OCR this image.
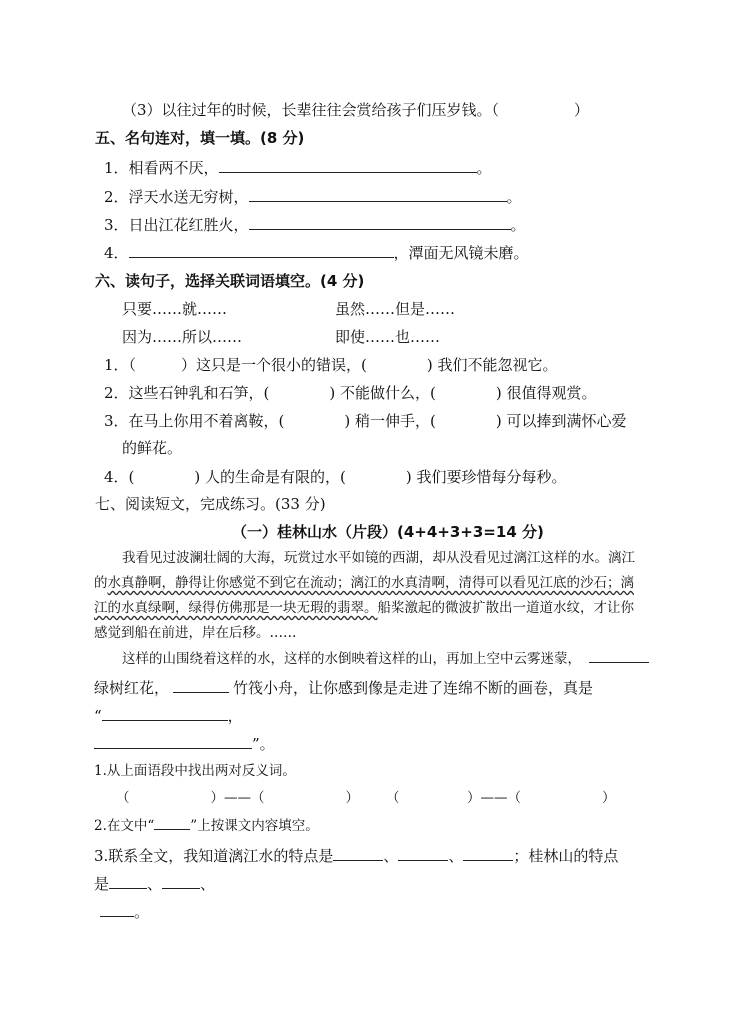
（3）以往过年的时候，长辈往往会赏给孩子们压岁钱。（　　　　　）
五、名句连对，填一填。(8 分)
1．相看两不厌，	。
2．浮天水送无穷树，	。
3．日出江花红胜火，	。
4．	，潭面无风镜未磨。
六、读句子，选择关联词语填空。(4 分)
只要……就……	虽然……但是……
因为……所以……	即使……也……
1．（　　　）这只是一个很小的错误，(　　　　) 我们不能忽视它。
2．这些石钟乳和石笋，(　　　　) 不能做什么，(　　　　) 很值得观赏。
3．在马上你用不着离鞍，(　　　　) 稍一伸手，(　　　　) 可以捧到满怀心爱
的鲜花。
4．(　　　　) 人的生命是有限的，(　　　　) 我们要珍惜每分每秒。
七、阅读短文，完成练习。(33 分)
（一）桂林山水（片段）(4+4+3+3=14 分)
我看见过波澜壮阔的大海，玩赏过水平如镜的西湖，却从没看见过漓江这样的水。漓江
的水真静啊，静得让你感觉不到它在流动；漓江的水真清啊，清得可以看见江底的沙石；漓
江的水真绿啊，绿得仿佛那是一块无瑕的翡翠。船桨激起的微波扩散出一道道水纹，才让你
感觉到船在前进，岸在后移。……
这样的山围绕着这样的水，这样的水倒映着这样的山，再加上空中云雾迷蒙，
绿树红花，	竹筏小舟，让你感到像是走进了连绵不断的画卷，真是
“	，
”。
1.从上面语段中找出两对反义词。
（　　　　　　）——（　　　　　　）　　　（　　　　　）——（　　　　　　）
2.在文中“	”上按课文内容填空。
3.联系全文，我知道漓江水的特点是	、	、	；桂林山的特点
是	、	、
。
